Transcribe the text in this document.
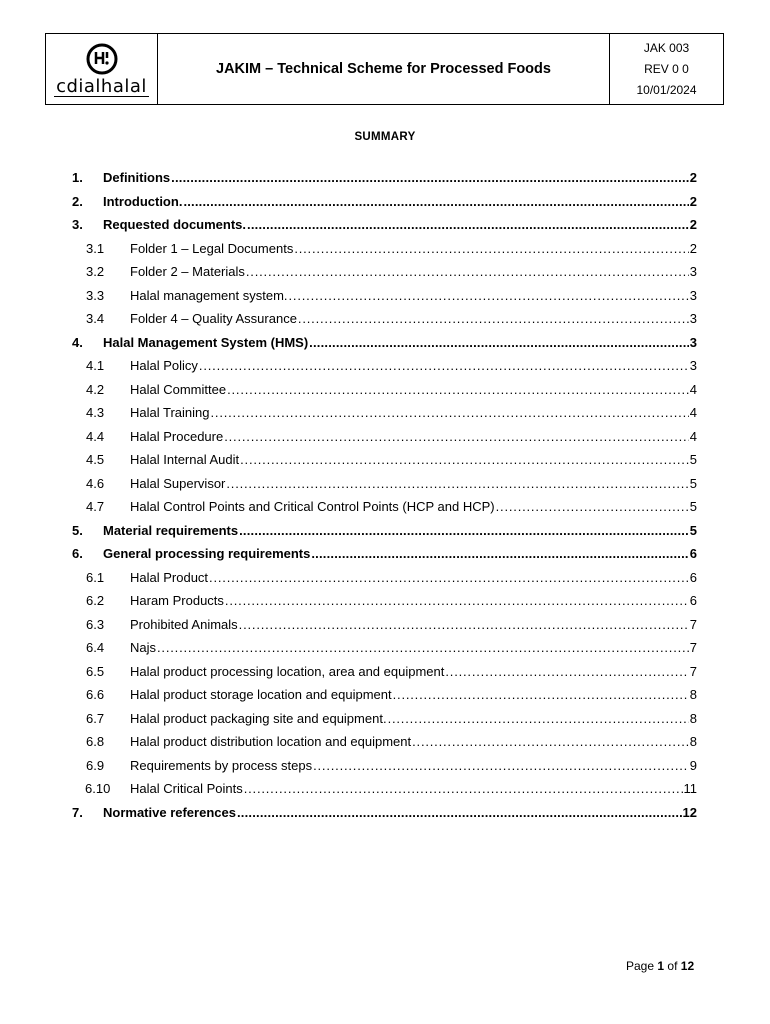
cdialhalal
JAKIM – Technical Scheme for Processed Foods
JAK 003
REV 0 0
10/01/2024
SUMMARY
1.	Definitions .....	2
2.	Introduction. .....	2
3.	Requested documents. .....	2
3.1	Folder 1 – Legal Documents .....	2
3.2	Folder 2 – Materials .....	3
3.3	Halal management system. .....	3
3.4	Folder 4 – Quality Assurance .....	3
4.	Halal Management System (HMS) .....	3
4.1	Halal Policy .....	3
4.2	Halal Committee .....	4
4.3	Halal Training .....	4
4.4	Halal Procedure .....	4
4.5	Halal Internal Audit .....	5
4.6	Halal Supervisor .....	5
4.7	Halal Control Points and Critical Control Points (HCP and HCP) .....	5
5.	Material requirements .....	5
6.	General processing requirements .....	6
6.1	Halal Product .....	6
6.2	Haram Products .....	6
6.3	Prohibited Animals .....	7
6.4	Najs .....	7
6.5	Halal product processing location, area and equipment .....	7
6.6	Halal product storage location and equipment .....	8
6.7	Halal product packaging site and equipment. .....	8
6.8	Halal product distribution location and equipment .....	8
6.9	Requirements by process steps .....	9
6.10	Halal Critical Points .....	11
7.	Normative references .....	12
Page 1 of 12
